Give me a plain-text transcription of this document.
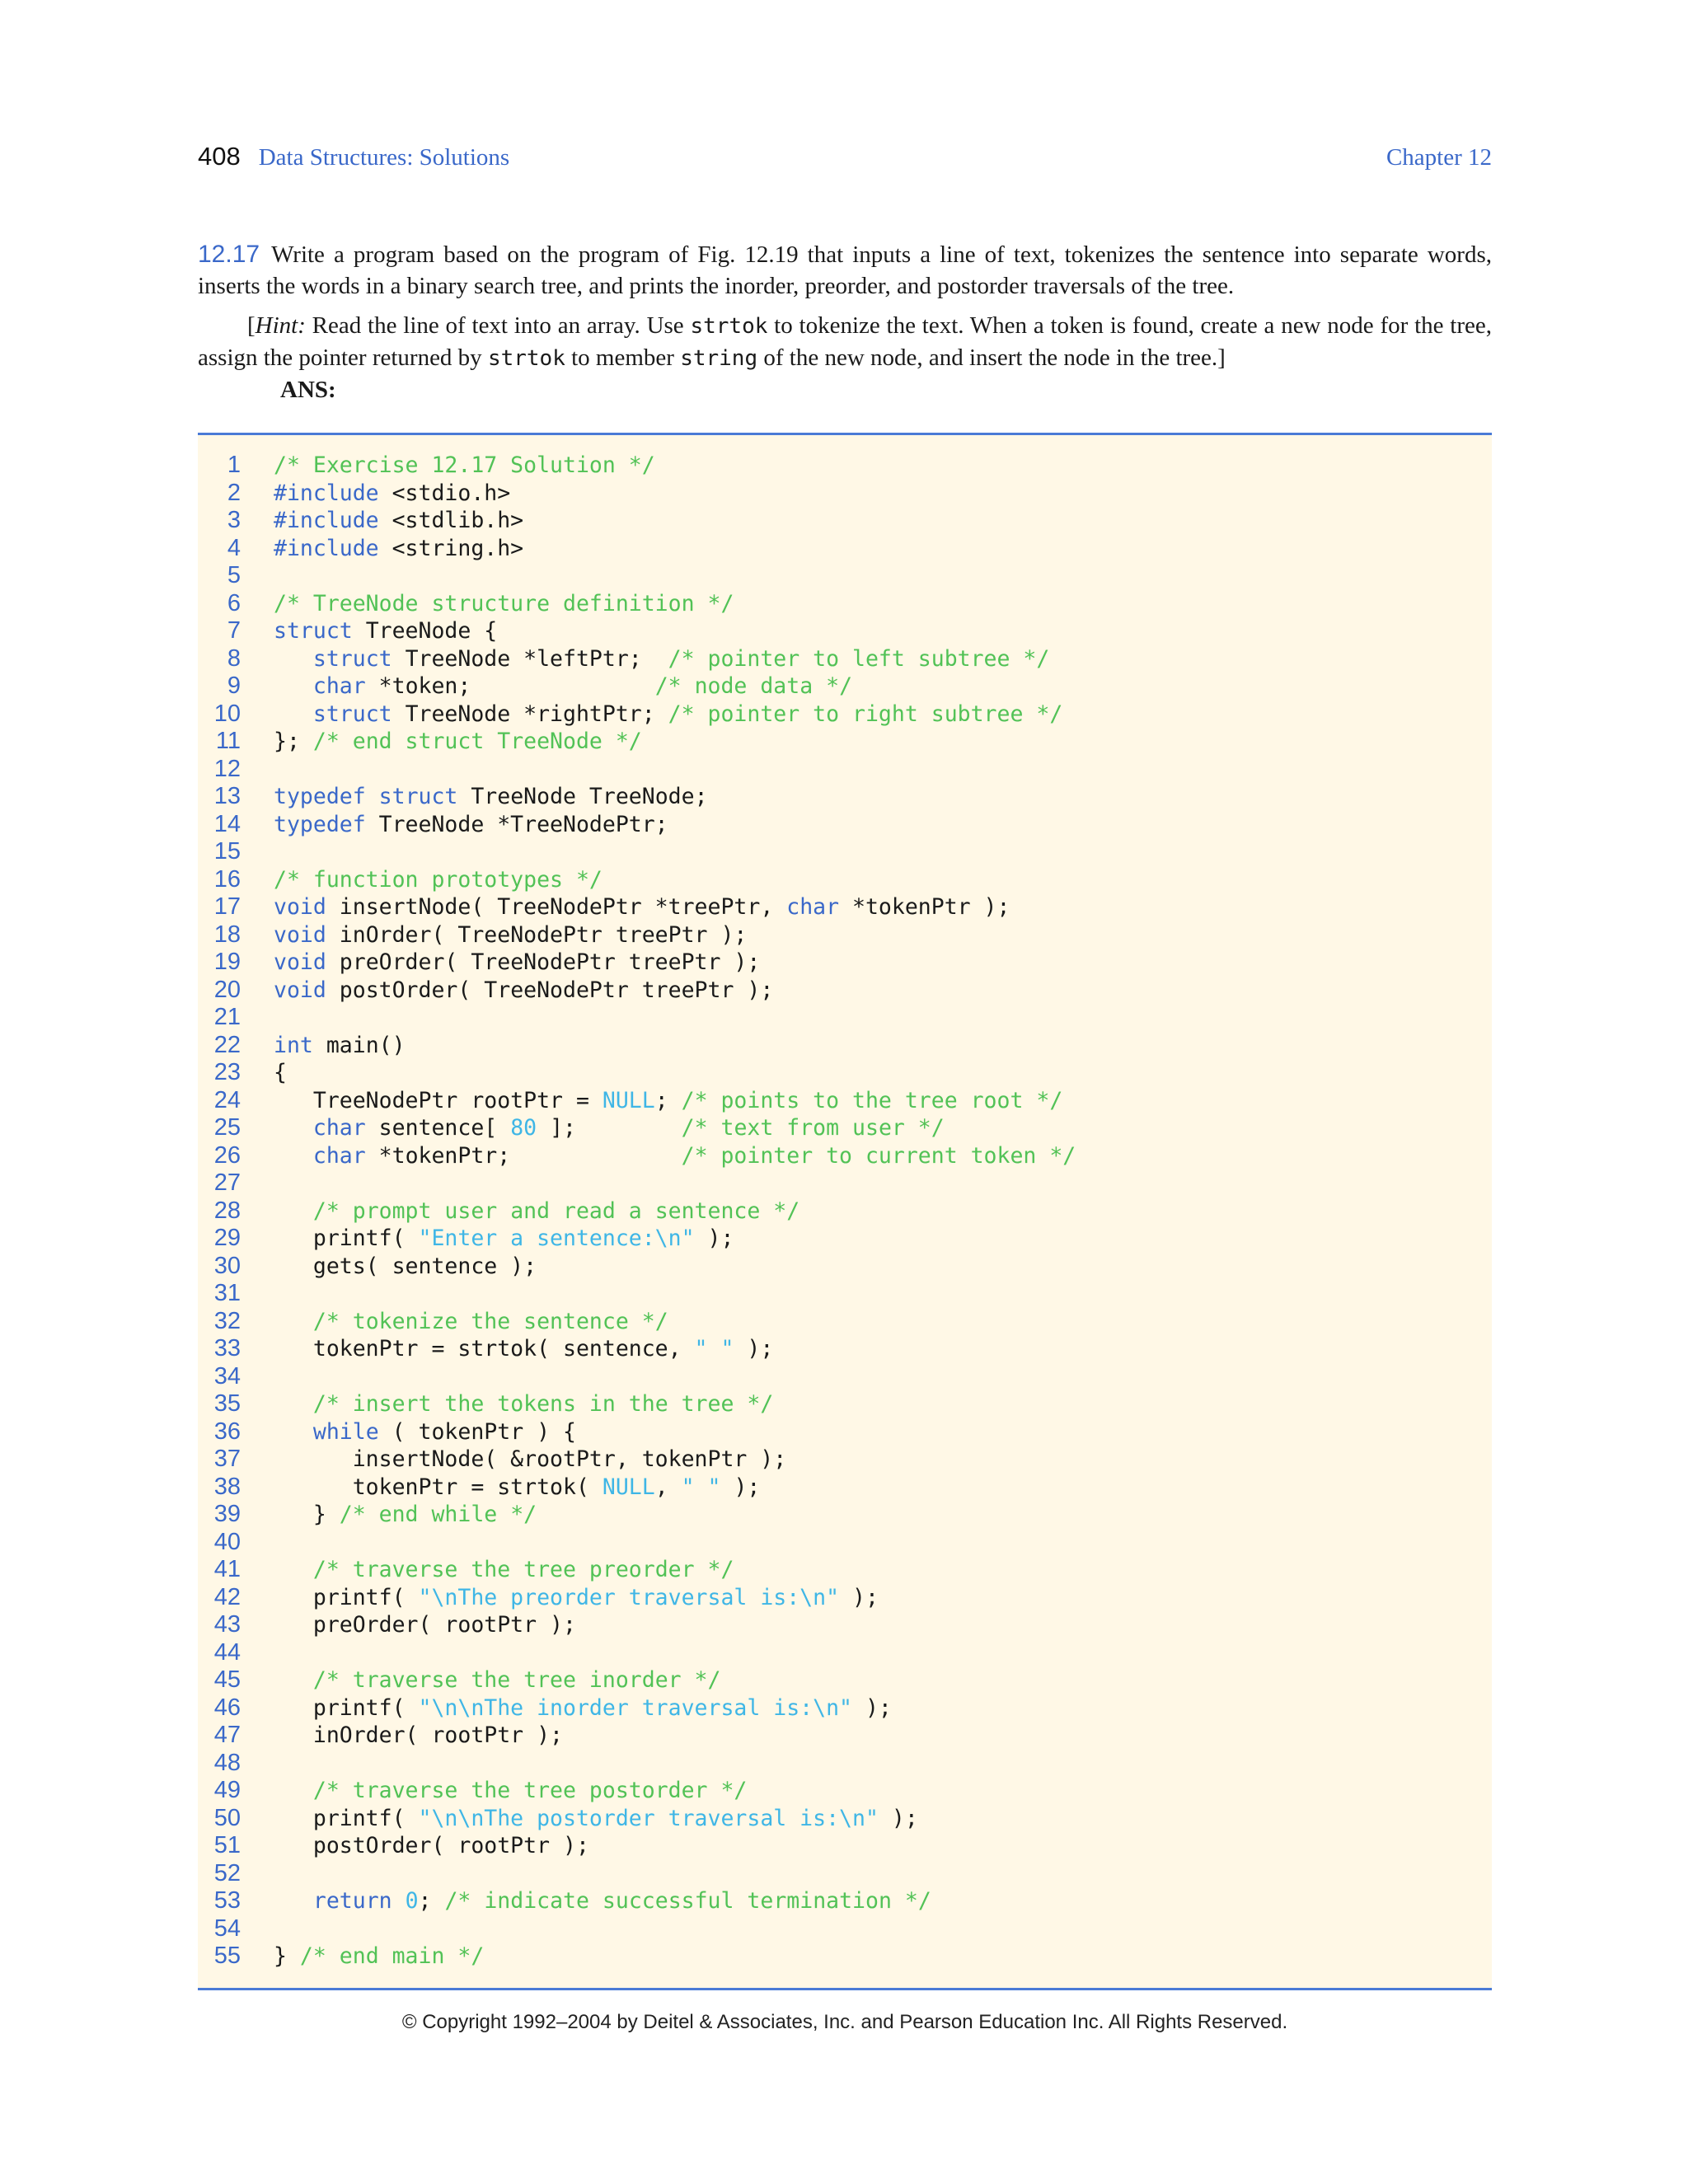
408 Data Structures: Solutions	Chapter 12

12.17 Write a program based on the program of Fig. 12.19 that inputs a line of text, tokenizes the sentence into separate words, inserts the words in a binary search tree, and prints the inorder, preorder, and postorder traversals of the tree.

[Hint: Read the line of text into an array. Use strtok to tokenize the text. When a token is found, create a new node for the tree, assign the pointer returned by strtok to member string of the new node, and insert the node in the tree.]

ANS:

1 /* Exercise 12.17 Solution */
2 #include <stdio.h>
3 #include <stdlib.h>
4 #include <string.h>
5
6 /* TreeNode structure definition */
7 struct TreeNode {
8	struct TreeNode *leftPtr;  /* pointer to left subtree */
9	char *token;              /* node data */
10	struct TreeNode *rightPtr; /* pointer to right subtree */
11 }; /* end struct TreeNode */
12
13 typedef struct TreeNode TreeNode;
14 typedef TreeNode *TreeNodePtr;
15
16 /* function prototypes */
17 void insertNode( TreeNodePtr *treePtr, char *tokenPtr );
18 void inOrder( TreeNodePtr treePtr );
19 void preOrder( TreeNodePtr treePtr );
20 void postOrder( TreeNodePtr treePtr );
21
22 int main()
23 {
24 TreeNodePtr rootPtr = NULL; /* points to the tree root */
25	char sentence[ 80 ];        /* text from user */
26	char *tokenPtr;             /* pointer to current token */
27
28	/* prompt user and read a sentence */
29 printf( "Enter a sentence:\n" );
30 gets( sentence );
31
32	/* tokenize the sentence */
33 tokenPtr = strtok( sentence, " " );
34
35	/* insert the tokens in the tree */
36	while ( tokenPtr ) {
37 insertNode( &rootPtr, tokenPtr );
38 tokenPtr = strtok( NULL, " " );
39 } /* end while */
40
41	/* traverse the tree preorder */
42 printf( "\nThe preorder traversal is:\n" );
43 preOrder( rootPtr );
44
45	/* traverse the tree inorder */
46 printf( "\n\nThe inorder traversal is:\n" );
47 inOrder( rootPtr );
48
49	/* traverse the tree postorder */
50 printf( "\n\nThe postorder traversal is:\n" );
51 postOrder( rootPtr );
52
53	return 0; /* indicate successful termination */
54
55 } /* end main */
© Copyright 1992–2004 by Deitel & Associates, Inc. and Pearson Education Inc. All Rights Reserved.
